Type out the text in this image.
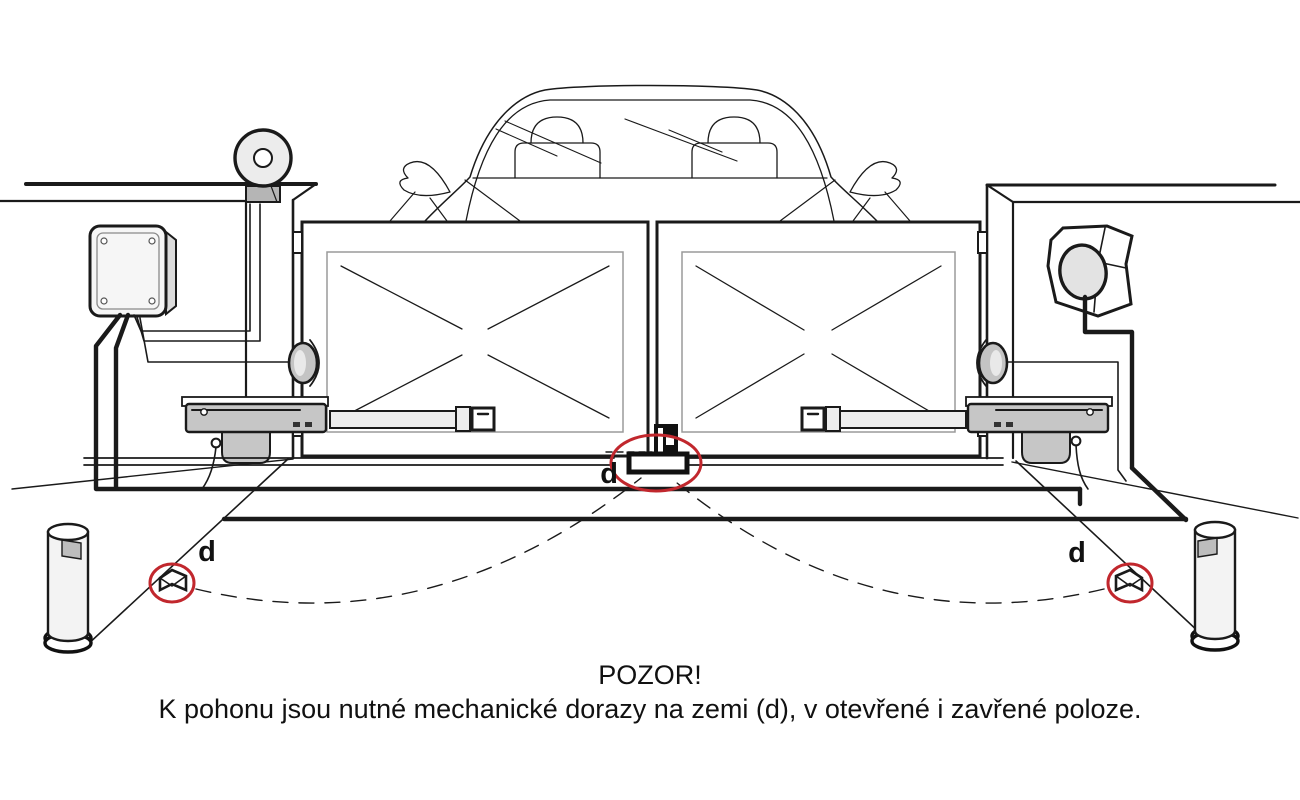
d
d	d
POZOR!
K pohonu jsou nutné mechanické dorazy na zemi (d), v otevřené i zavřené poloze.
